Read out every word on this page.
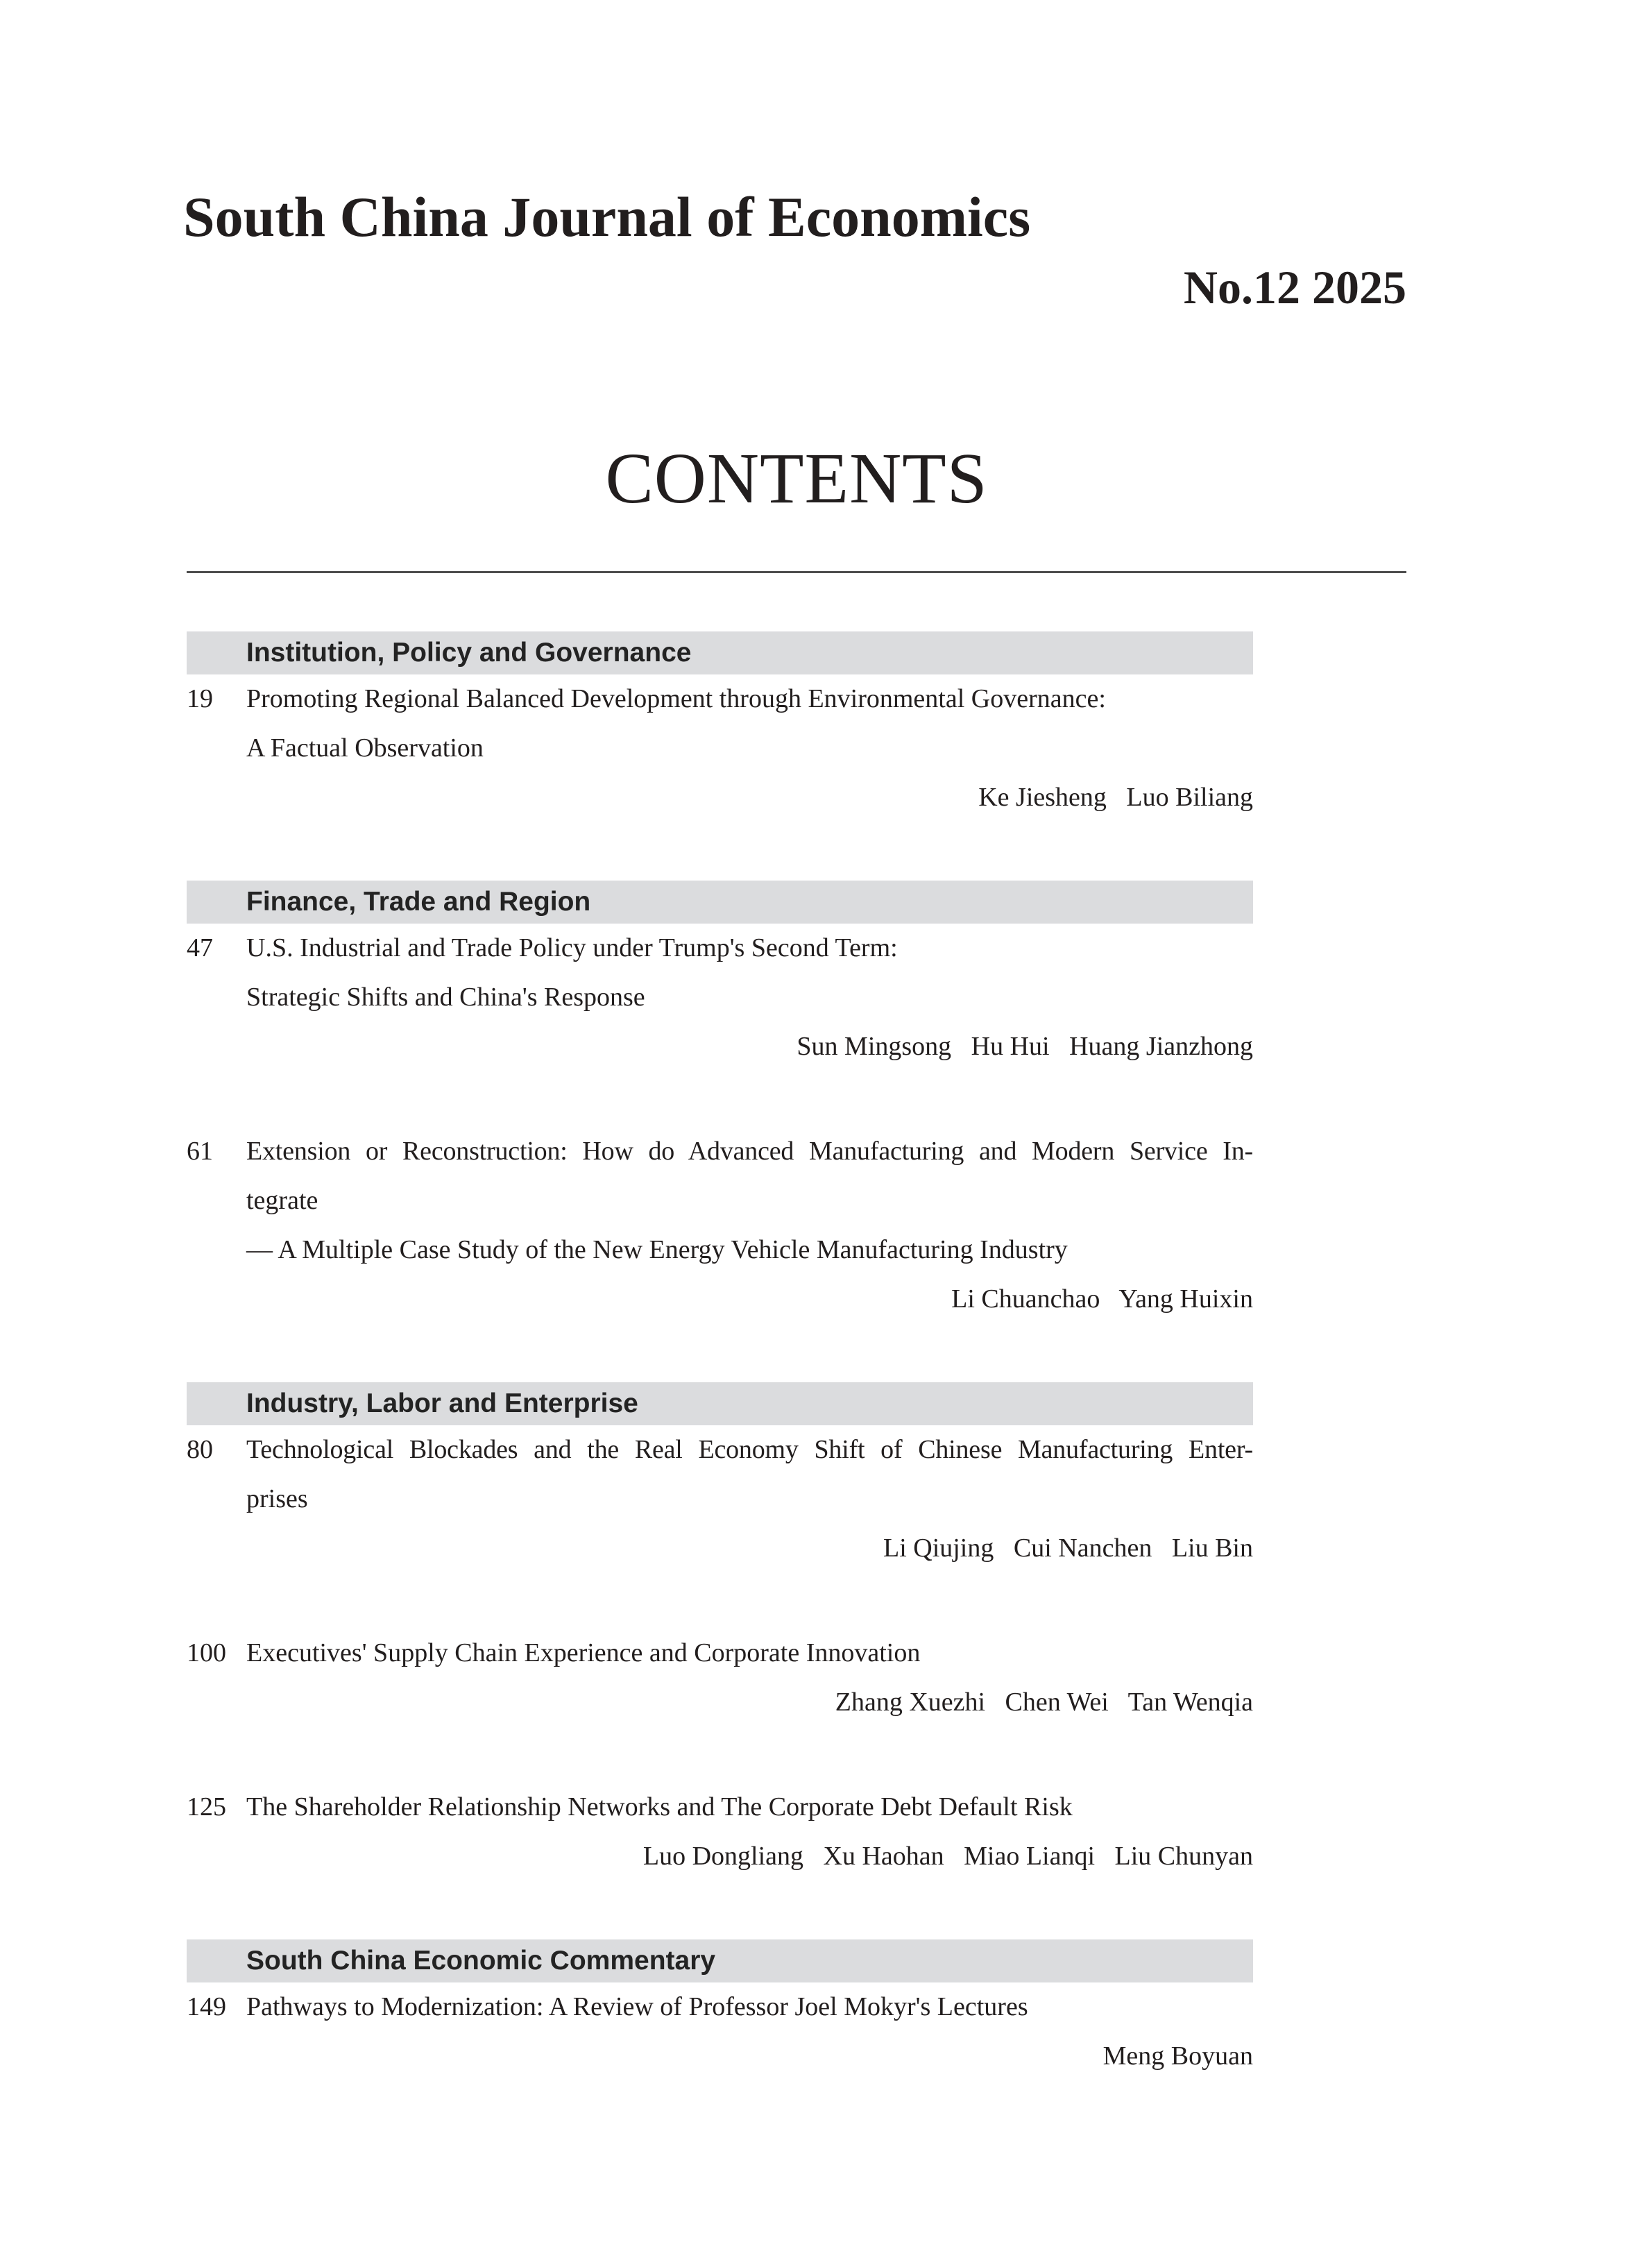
South China Journal of Economics
No.12 2025
CONTENTS
Institution, Policy and Governance
19	Promoting Regional Balanced Development through Environmental Governance:
A Factual Observation
Ke Jiesheng  Luo Biliang
Finance, Trade and Region
47	U.S. Industrial and Trade Policy under Trump's Second Term:
Strategic Shifts and China's Response
Sun Mingsong  Hu Hui  Huang Jianzhong
61	Extension or Reconstruction: How do Advanced Manufacturing and Modern Service In-
tegrate
— A Multiple Case Study of the New Energy Vehicle Manufacturing Industry
Li Chuanchao  Yang Huixin
Industry, Labor and Enterprise
80	Technological Blockades and the Real Economy Shift of Chinese Manufacturing Enter-
prises
Li Qiujing  Cui Nanchen  Liu Bin
100 Executives' Supply Chain Experience and Corporate Innovation
Zhang Xuezhi  Chen Wei  Tan Wenqia
125 The Shareholder Relationship Networks and The Corporate Debt Default Risk
Luo Dongliang  Xu Haohan  Miao Lianqi  Liu Chunyan
South China Economic Commentary
149 Pathways to Modernization: A Review of Professor Joel Mokyr's Lectures
Meng Boyuan
